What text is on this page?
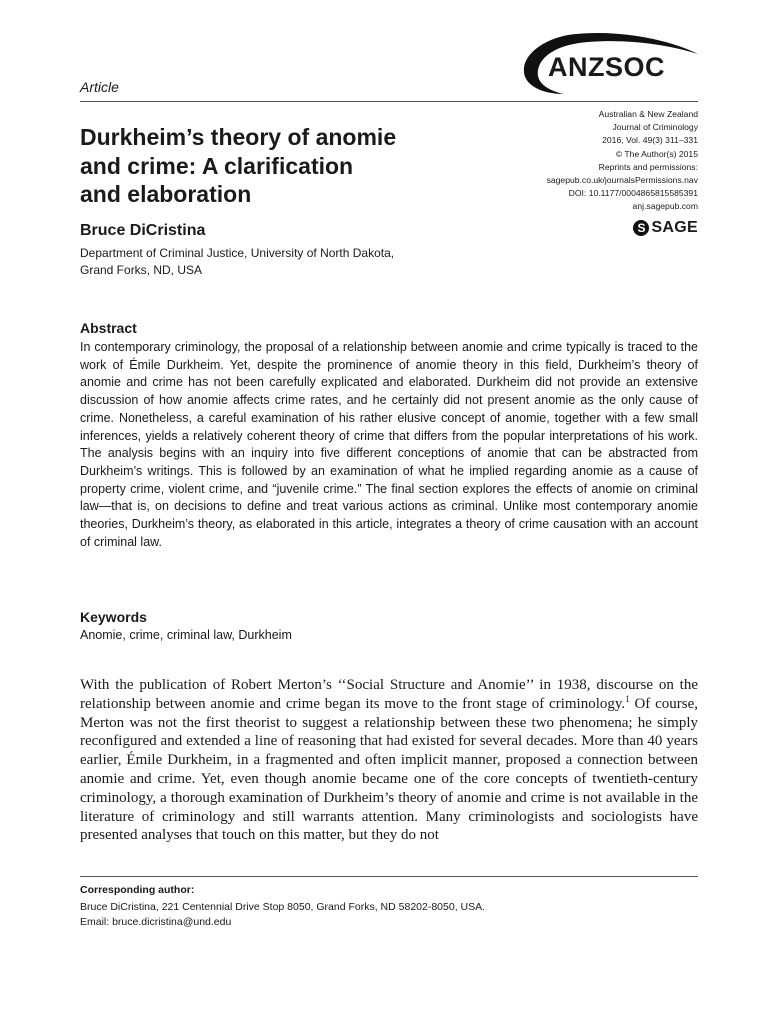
Article
ANZSOC
Australian & New Zealand
Journal of Criminology
2016, Vol. 49(3) 311–331
© The Author(s) 2015
Reprints and permissions:
sagepub.co.uk/journalsPermissions.nav
DOI: 10.1177/0004865815585391
anj.sagepub.com
S SAGE
Durkheim’s theory of anomie
and crime: A clarification
and elaboration
Bruce DiCristina
Department of Criminal Justice, University of North Dakota,
Grand Forks, ND, USA
Abstract
In contemporary criminology, the proposal of a relationship between anomie and crime typically is traced to the work of Émile Durkheim. Yet, despite the prominence of anomie theory in this field, Durkheim’s theory of anomie and crime has not been carefully explicated and elaborated. Durkheim did not provide an extensive discussion of how anomie affects crime rates, and he certainly did not present anomie as the only cause of crime. Nonetheless, a careful examination of his rather elusive concept of anomie, together with a few small inferences, yields a relatively coherent theory of crime that differs from the popular interpretations of his work. The analysis begins with an inquiry into five different conceptions of anomie that can be abstracted from Durkheim’s writings. This is followed by an examination of what he implied regarding anomie as a cause of property crime, violent crime, and “juvenile crime.” The final section explores the effects of anomie on criminal law—that is, on decisions to define and treat various actions as criminal. Unlike most contemporary anomie theories, Durkheim’s theory, as elaborated in this article, integrates a theory of crime causation with an account of criminal law.
Keywords
Anomie, crime, criminal law, Durkheim
With the publication of Robert Merton’s ‘‘Social Structure and Anomie’’ in 1938, discourse on the relationship between anomie and crime began its move to the front stage of criminology.$^1$ Of course, Merton was not the first theorist to suggest a relationship between these two phenomena; he simply reconfigured and extended a line of reasoning that had existed for several decades. More than 40 years earlier, Émile Durkheim, in a fragmented and often implicit manner, proposed a connection between anomie and crime. Yet, even though anomie became one of the core concepts of twentieth-century criminology, a thorough examination of Durkheim’s theory of anomie and crime is not available in the literature of criminology and still warrants attention. Many criminologists and sociologists have presented analyses that touch on this matter, but they do not
Corresponding author:
Bruce DiCristina, 221 Centennial Drive Stop 8050, Grand Forks, ND 58202-8050, USA.
Email: bruce.dicristina@und.edu
